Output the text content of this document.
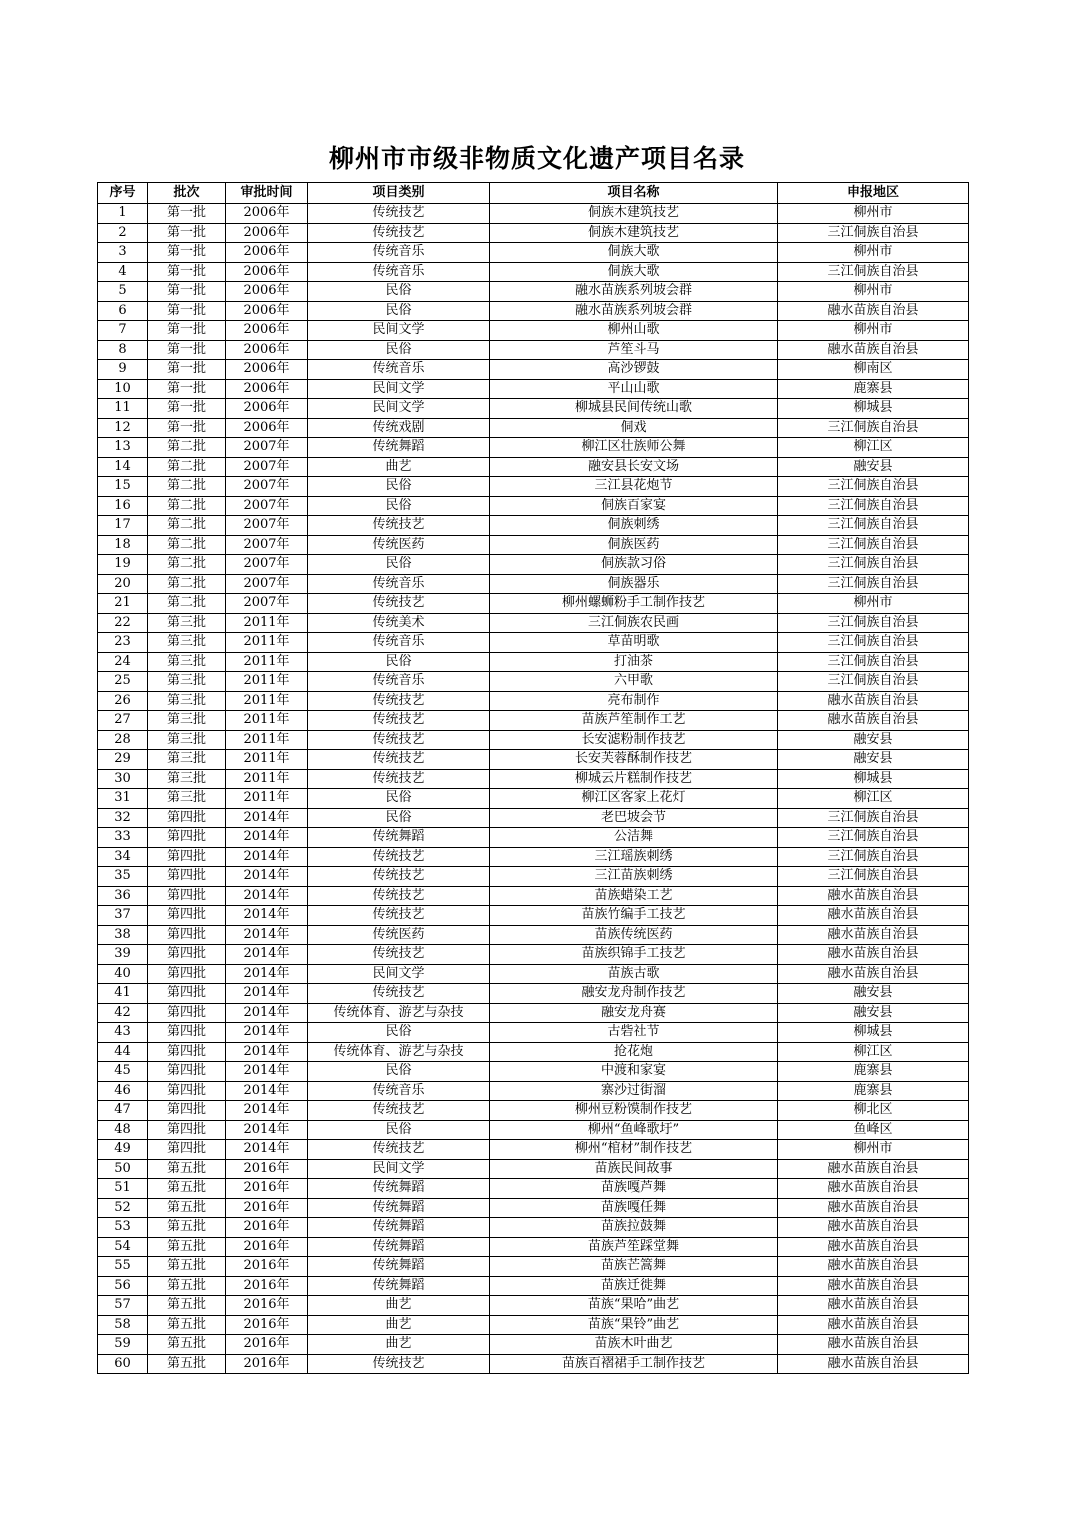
柳州市市级非物质文化遗产项目名录
序号	批次	审批时间	项目类别	项目名称	申报地区
1	第一批	2006年	传统技艺	侗族木建筑技艺	柳州市
2	第一批	2006年	传统技艺	侗族木建筑技艺	三江侗族自治县
3	第一批	2006年	传统音乐	侗族大歌	柳州市
4	第一批	2006年	传统音乐	侗族大歌	三江侗族自治县
5	第一批	2006年	民俗	融水苗族系列坡会群	柳州市
6	第一批	2006年	民俗	融水苗族系列坡会群	融水苗族自治县
7	第一批	2006年	民间文学	柳州山歌	柳州市
8	第一批	2006年	民俗	芦笙斗马	融水苗族自治县
9	第一批	2006年	传统音乐	高沙锣鼓	柳南区
10	第一批	2006年	民间文学	平山山歌	鹿寨县
11	第一批	2006年	民间文学	柳城县民间传统山歌	柳城县
12	第一批	2006年	传统戏剧	侗戏	三江侗族自治县
13	第二批	2007年	传统舞蹈	柳江区壮族师公舞	柳江区
14	第二批	2007年	曲艺	融安县长安文场	融安县
15	第二批	2007年	民俗	三江县花炮节	三江侗族自治县
16	第二批	2007年	民俗	侗族百家宴	三江侗族自治县
17	第二批	2007年	传统技艺	侗族刺绣	三江侗族自治县
18	第二批	2007年	传统医药	侗族医药	三江侗族自治县
19	第二批	2007年	民俗	侗族款习俗	三江侗族自治县
20	第二批	2007年	传统音乐	侗族器乐	三江侗族自治县
21	第二批	2007年	传统技艺	柳州螺蛳粉手工制作技艺	柳州市
22	第三批	2011年	传统美术	三江侗族农民画	三江侗族自治县
23	第三批	2011年	传统音乐	草苗明歌	三江侗族自治县
24	第三批	2011年	民俗	打油茶	三江侗族自治县
25	第三批	2011年	传统音乐	六甲歌	三江侗族自治县
26	第三批	2011年	传统技艺	亮布制作	融水苗族自治县
27	第三批	2011年	传统技艺	苗族芦笙制作工艺	融水苗族自治县
28	第三批	2011年	传统技艺	长安滤粉制作技艺	融安县
29	第三批	2011年	传统技艺	长安芙蓉酥制作技艺	融安县
30	第三批	2011年	传统技艺	柳城云片糕制作技艺	柳城县
31	第三批	2011年	民俗	柳江区客家上花灯	柳江区
32	第四批	2014年	民俗	老巴坡会节	三江侗族自治县
33	第四批	2014年	传统舞蹈	公洁舞	三江侗族自治县
34	第四批	2014年	传统技艺	三江瑶族刺绣	三江侗族自治县
35	第四批	2014年	传统技艺	三江苗族刺绣	三江侗族自治县
36	第四批	2014年	传统技艺	苗族蜡染工艺	融水苗族自治县
37	第四批	2014年	传统技艺	苗族竹编手工技艺	融水苗族自治县
38	第四批	2014年	传统医药	苗族传统医药	融水苗族自治县
39	第四批	2014年	传统技艺	苗族织锦手工技艺	融水苗族自治县
40	第四批	2014年	民间文学	苗族古歌	融水苗族自治县
41	第四批	2014年	传统技艺	融安龙舟制作技艺	融安县
42	第四批	2014年	传统体育、游艺与杂技	融安龙舟赛	融安县
43	第四批	2014年	民俗	古砦社节	柳城县
44	第四批	2014年	传统体育、游艺与杂技	抢花炮	柳江区
45	第四批	2014年	民俗	中渡和家宴	鹿寨县
46	第四批	2014年	传统音乐	寨沙过街溜	鹿寨县
47	第四批	2014年	传统技艺	柳州豆粉馍制作技艺	柳北区
48	第四批	2014年	民俗	柳州“鱼峰歌圩”	鱼峰区
49	第四批	2014年	传统技艺	柳州“棺材”制作技艺	柳州市
50	第五批	2016年	民间文学	苗族民间故事	融水苗族自治县
51	第五批	2016年	传统舞蹈	苗族嘎芦舞	融水苗族自治县
52	第五批	2016年	传统舞蹈	苗族嘎任舞	融水苗族自治县
53	第五批	2016年	传统舞蹈	苗族拉鼓舞	融水苗族自治县
54	第五批	2016年	传统舞蹈	苗族芦笙踩堂舞	融水苗族自治县
55	第五批	2016年	传统舞蹈	苗族芒篙舞	融水苗族自治县
56	第五批	2016年	传统舞蹈	苗族迁徙舞	融水苗族自治县
57	第五批	2016年	曲艺	苗族“果哈”曲艺	融水苗族自治县
58	第五批	2016年	曲艺	苗族“果铃”曲艺	融水苗族自治县
59	第五批	2016年	曲艺	苗族木叶曲艺	融水苗族自治县
60	第五批	2016年	传统技艺	苗族百褶裙手工制作技艺	融水苗族自治县
